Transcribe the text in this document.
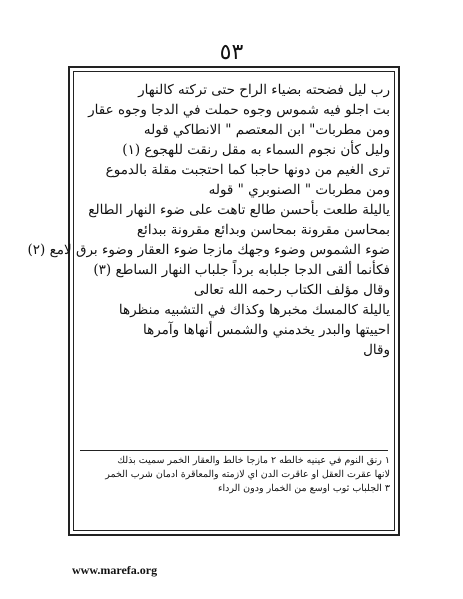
٥٣
رب ليل فضحته بضياء الراح حتى تركته كالنهار
بت اجلو فيه شموس وجوه حملت في الدجا وجوه عقار
ومن مطربات" ابن المعتصم " الانطاكي قوله
وليل كأن نجوم السماء به مقل رنقت للهجوع (١)
ترى الغيم من دونها حاجبا كما احتجبت مقلة بالدموع
ومن مطربات " الصنوبري " قوله
ياليلة طلعت بأحسن طالع تاهت على ضوء النهار الطالع
بمحاسن مقرونة بمحاسن وبدائع مقرونة ببدائع
ضوء الشموس وضوء وجهك مازجا ضوء العقار وضوء برق لامع (٢)
فكأنما ألقى الدجا جلبابه برداً جلباب النهار الساطع (٣)
وقال مؤلف الكتاب رحمه الله تعالى
ياليلة كالمسك مخبرها وكذاك في التشبيه منظرها
احييتها والبدر يخدمني والشمس أنهاها وآمرها
وقال
١ رنق النوم في عينيه خالطه ٢ مازجا خالط والعقار الخمر سميت بذلك
لانها عقرت العقل او عاقرت الدن اي لازمته والمعاقرة ادمان شرب الخمر
٣ الجلباب ثوب اوسع من الخمار ودون الرداء
www.marefa.org
